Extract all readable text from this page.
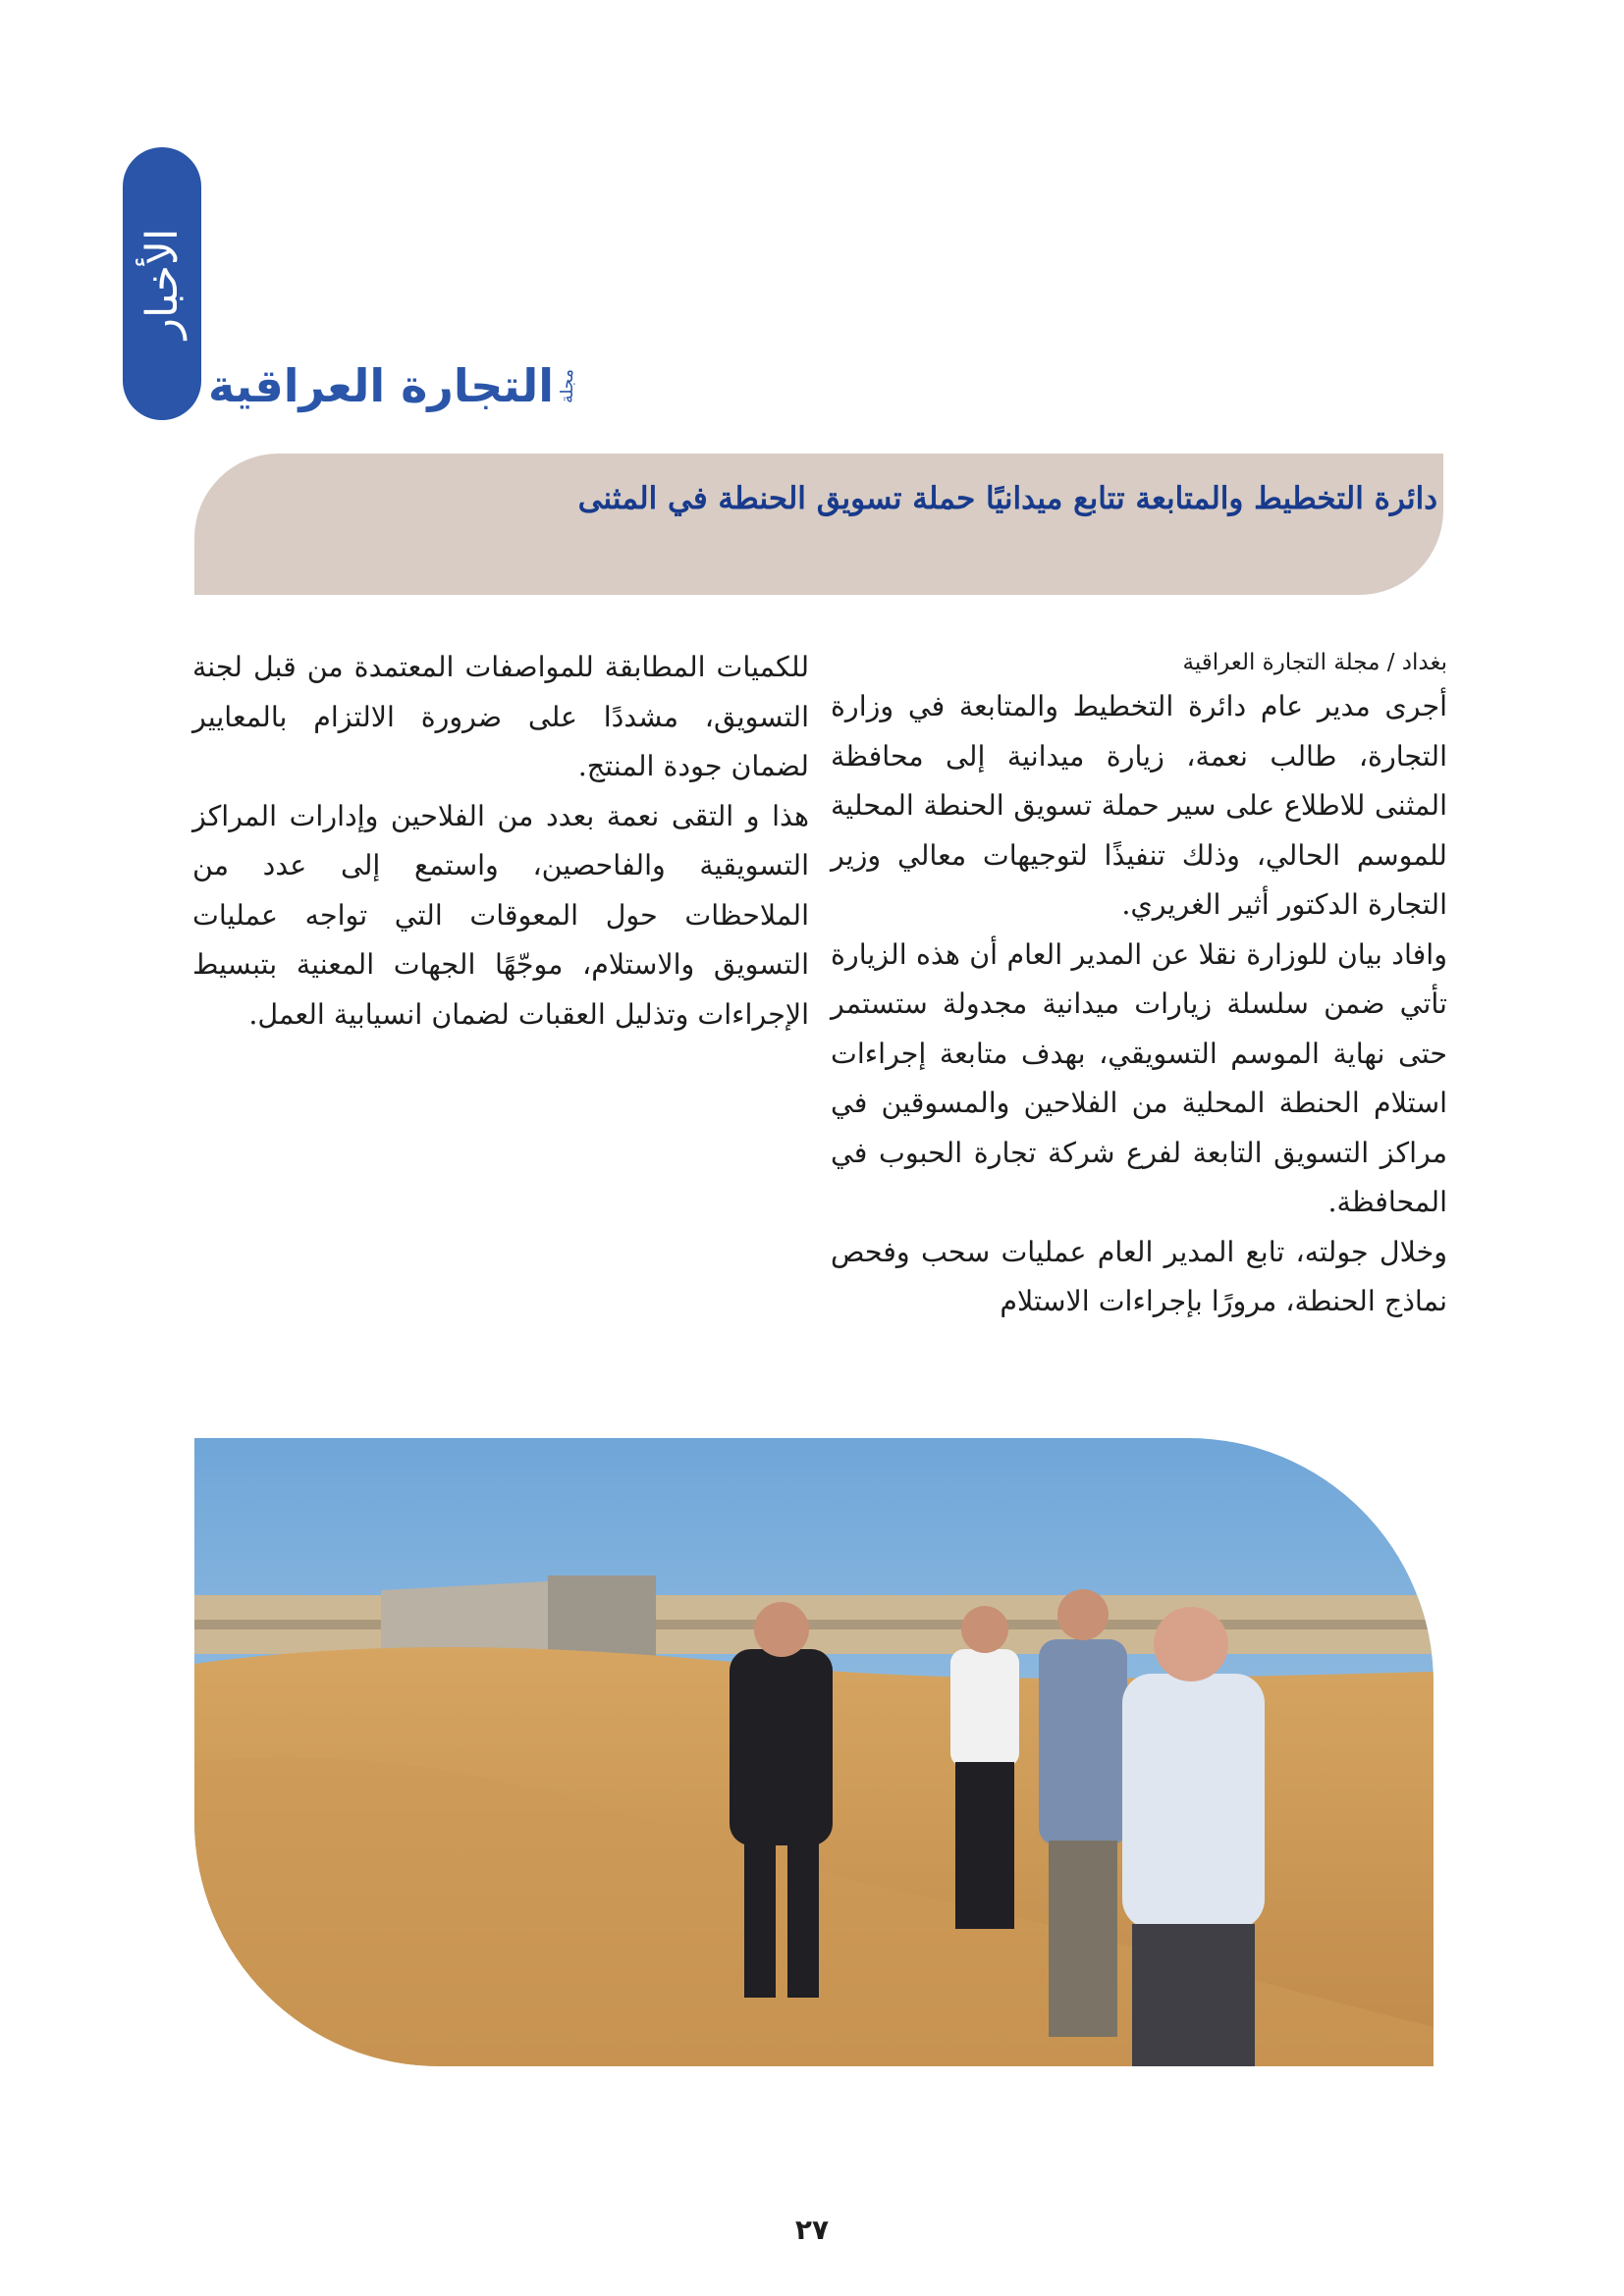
الأخبار
مجلة
التجارة العراقية
دائرة التخطيط والمتابعة تتابع ميدانيًا حملة تسويق الحنطة في المثنى

بغداد / مجلة التجارة العراقية

أجرى مدير عام دائرة التخطيط والمتابعة في وزارة التجارة، طالب نعمة، زيارة ميدانية إلى محافظة المثنى للاطلاع على سير حملة تسويق الحنطة المحلية للموسم الحالي، وذلك تنفيذًا لتوجيهات معالي وزير التجارة الدكتور أثير الغريري.

وافاد بيان للوزارة نقلا عن المدير العام أن هذه الزيارة تأتي ضمن سلسلة زيارات ميدانية مجدولة ستستمر حتى نهاية الموسم التسويقي، بهدف متابعة إجراءات استلام الحنطة المحلية من الفلاحين والمسوقين في مراكز التسويق التابعة لفرع شركة تجارة الحبوب في المحافظة.

وخلال جولته، تابع المدير العام عمليات سحب وفحص نماذج الحنطة، مرورًا بإجراءات الاستلام

للكميات المطابقة للمواصفات المعتمدة من قبل لجنة التسويق، مشددًا على ضرورة الالتزام بالمعايير لضمان جودة المنتج.

هذا و التقى نعمة بعدد من الفلاحين وإدارات المراكز التسويقية والفاحصين، واستمع إلى عدد من الملاحظات حول المعوقات التي تواجه عمليات التسويق والاستلام، موجّهًا الجهات المعنية بتبسيط الإجراءات وتذليل العقبات لضمان انسيابية العمل.

٢٧
